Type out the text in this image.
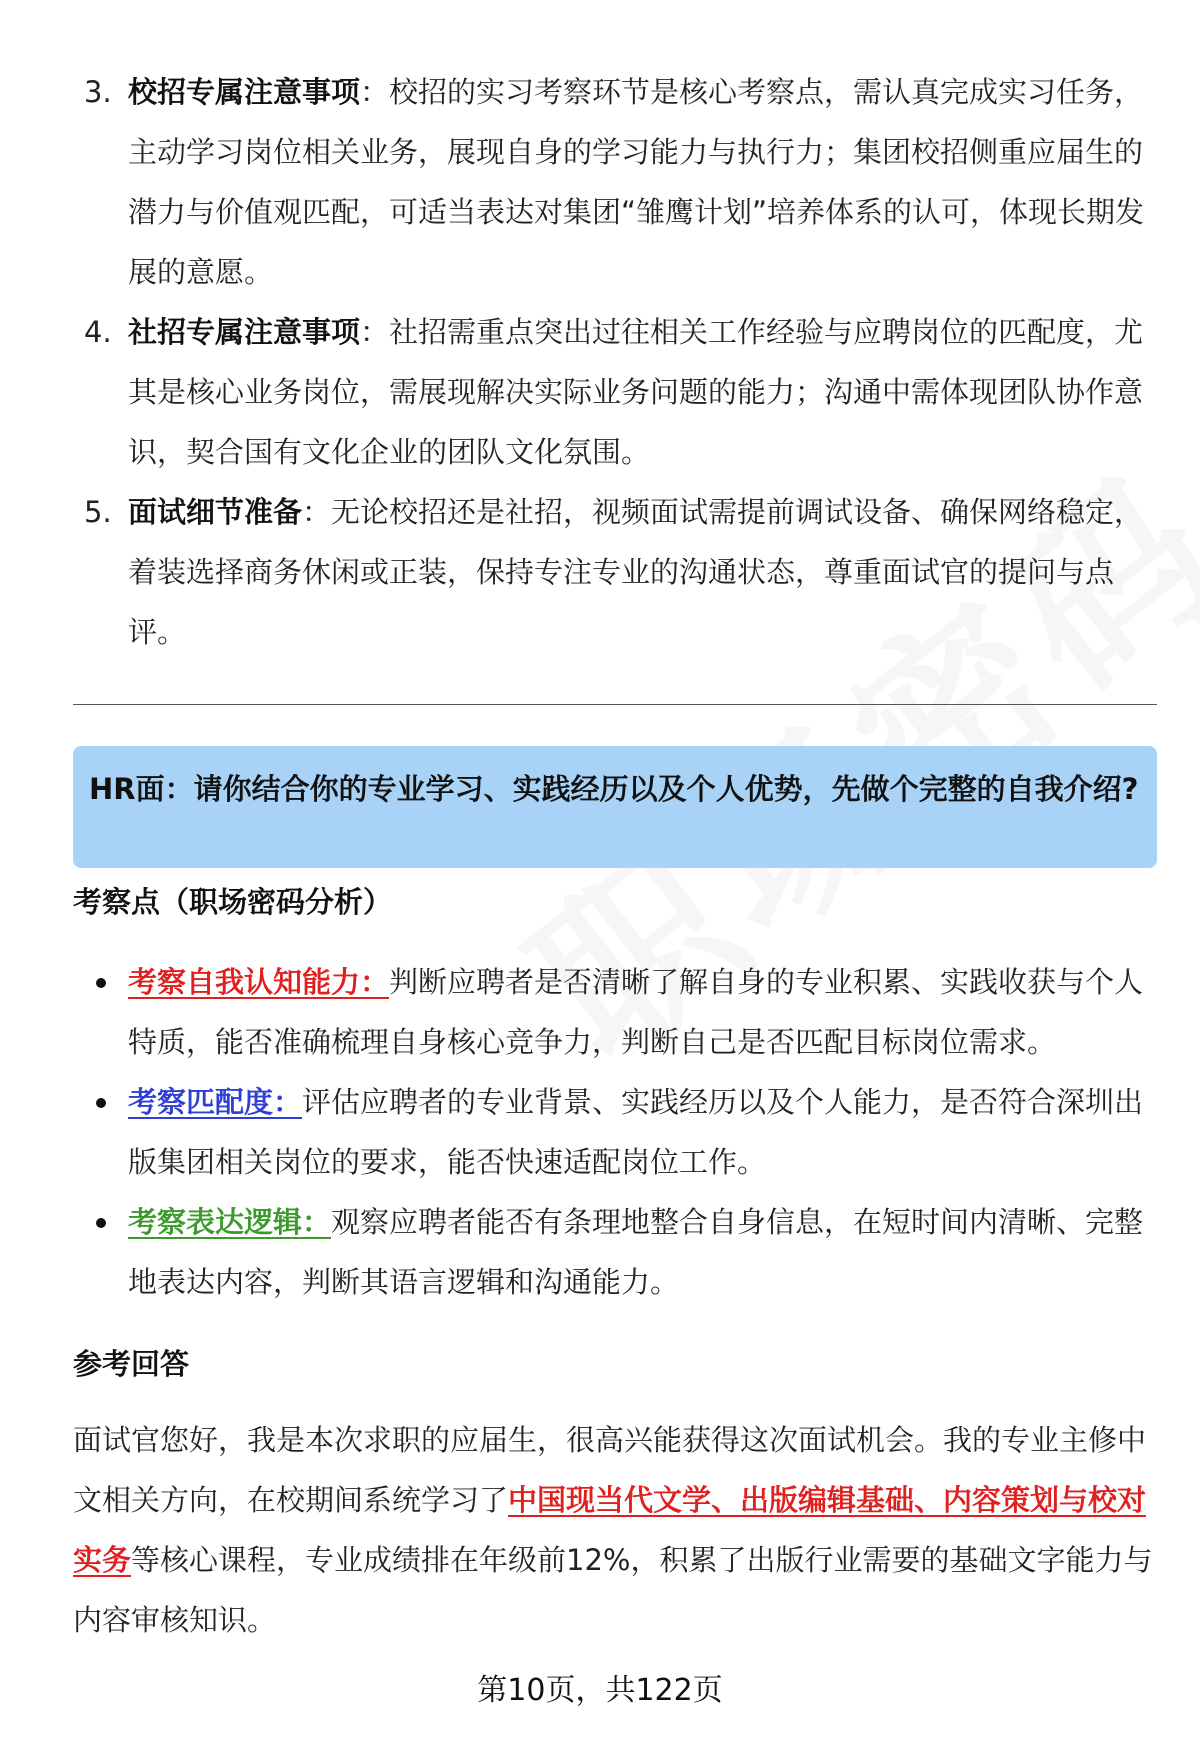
3. 校招专属注意事项：校招的实习考察环节是核心考察点，需认真完成实习任务，主动学习岗位相关业务，展现自身的学习能力与执行力；集团校招侧重应届生的潜力与价值观匹配，可适当表达对集团“雏鹰计划”培养体系的认可，体现长期发展的意愿。
4. 社招专属注意事项：社招需重点突出过往相关工作经验与应聘岗位的匹配度，尤其是核心业务岗位，需展现解决实际业务问题的能力；沟通中需体现团队协作意识，契合国有文化企业的团队文化氛围。
5. 面试细节准备：无论校招还是社招，视频面试需提前调试设备、确保网络稳定，着装选择商务休闲或正装，保持专注专业的沟通状态，尊重面试官的提问与点评。
HR面：请你结合你的专业学习、实践经历以及个人优势，先做个完整的自我介绍?
考察点（职场密码分析）
考察自我认知能力：判断应聘者是否清晰了解自身的专业积累、实践收获与个人特质，能否准确梳理自身核心竞争力，判断自己是否匹配目标岗位需求。
考察匹配度：评估应聘者的专业背景、实践经历以及个人能力，是否符合深圳出版集团相关岗位的要求，能否快速适配岗位工作。
考察表达逻辑：观察应聘者能否有条理地整合自身信息，在短时间内清晰、完整地表达内容，判断其语言逻辑和沟通能力。
参考回答
面试官您好，我是本次求职的应届生，很高兴能获得这次面试机会。我的专业主修中文相关方向，在校期间系统学习了中国现当代文学、出版编辑基础、内容策划与校对实务等核心课程，专业成绩排在年级前12%，积累了出版行业需要的基础文字能力与内容审核知识。
第10页，共122页
